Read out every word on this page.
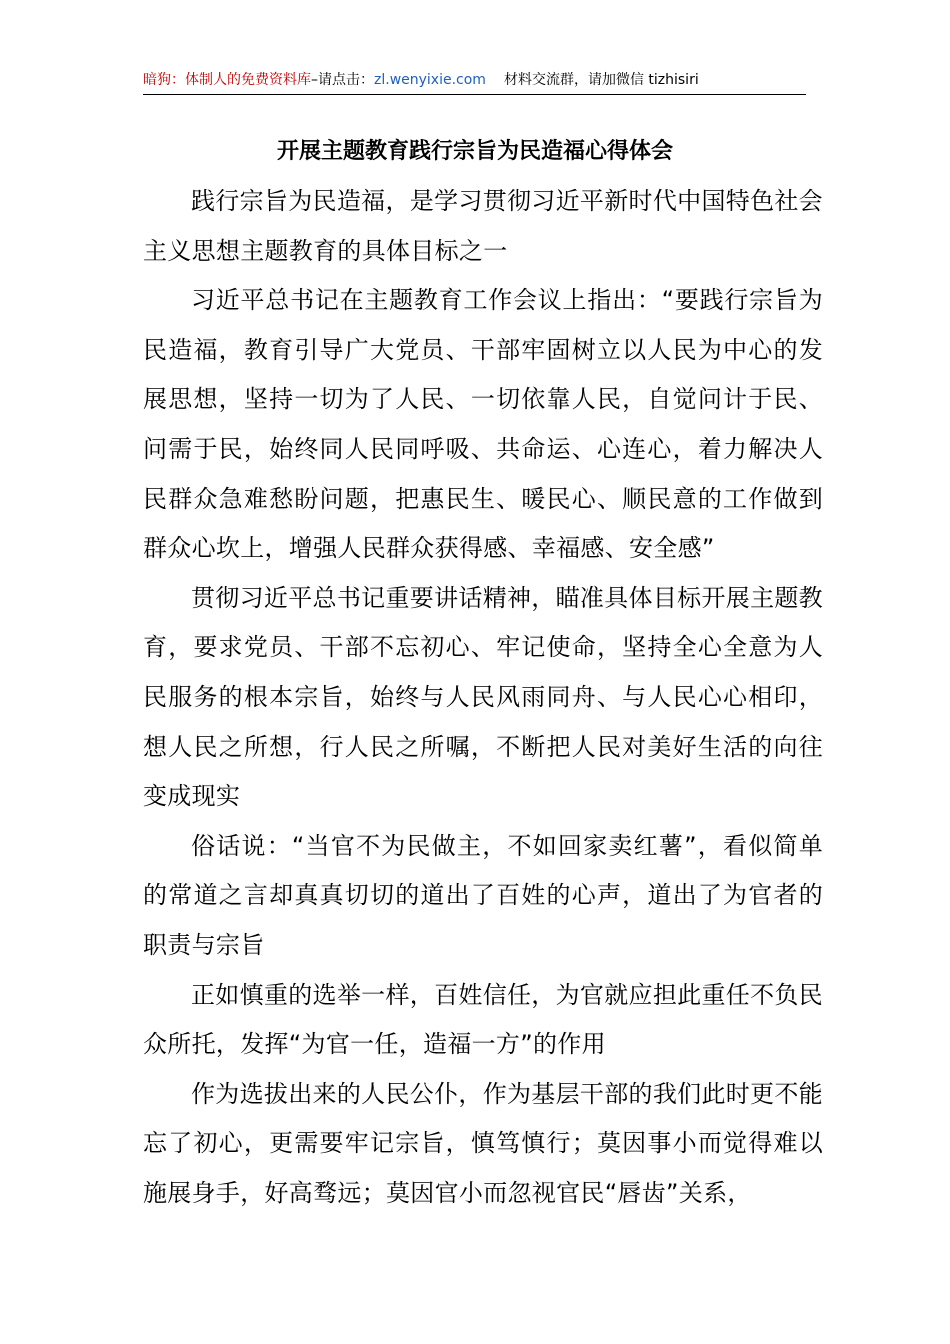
暗狗：体制人的免费资料库–请点击：zl.wenyixie.com 材料交流群，请加微信 tizhisiri
开展主题教育践行宗旨为民造福心得体会

践行宗旨为民造福，是学习贯彻习近平新时代中国特色社会主义思想主题教育的具体目标之一

习近平总书记在主题教育工作会议上指出：“要践行宗旨为民造福，教育引导广大党员、干部牢固树立以人民为中心的发展思想，坚持一切为了人民、一切依靠人民，自觉问计于民、问需于民，始终同人民同呼吸、共命运、心连心，着力解决人民群众急难愁盼问题，把惠民生、暖民心、顺民意的工作做到群众心坎上，增强人民群众获得感、幸福感、安全感”

贯彻习近平总书记重要讲话精神，瞄准具体目标开展主题教育，要求党员、干部不忘初心、牢记使命，坚持全心全意为人民服务的根本宗旨，始终与人民风雨同舟、与人民心心相印，想人民之所想，行人民之所嘱，不断把人民对美好生活的向往变成现实

俗话说：“当官不为民做主，不如回家卖红薯”，看似简单的常道之言却真真切切的道出了百姓的心声，道出了为官者的职责与宗旨

正如慎重的选举一样，百姓信任，为官就应担此重任不负民众所托，发挥“为官一任，造福一方”的作用

作为选拔出来的人民公仆，作为基层干部的我们此时更不能忘了初心，更需要牢记宗旨，慎笃慎行；莫因事小而觉得难以施展身手，好高骛远；莫因官小而忽视官民“唇齿”关系，
